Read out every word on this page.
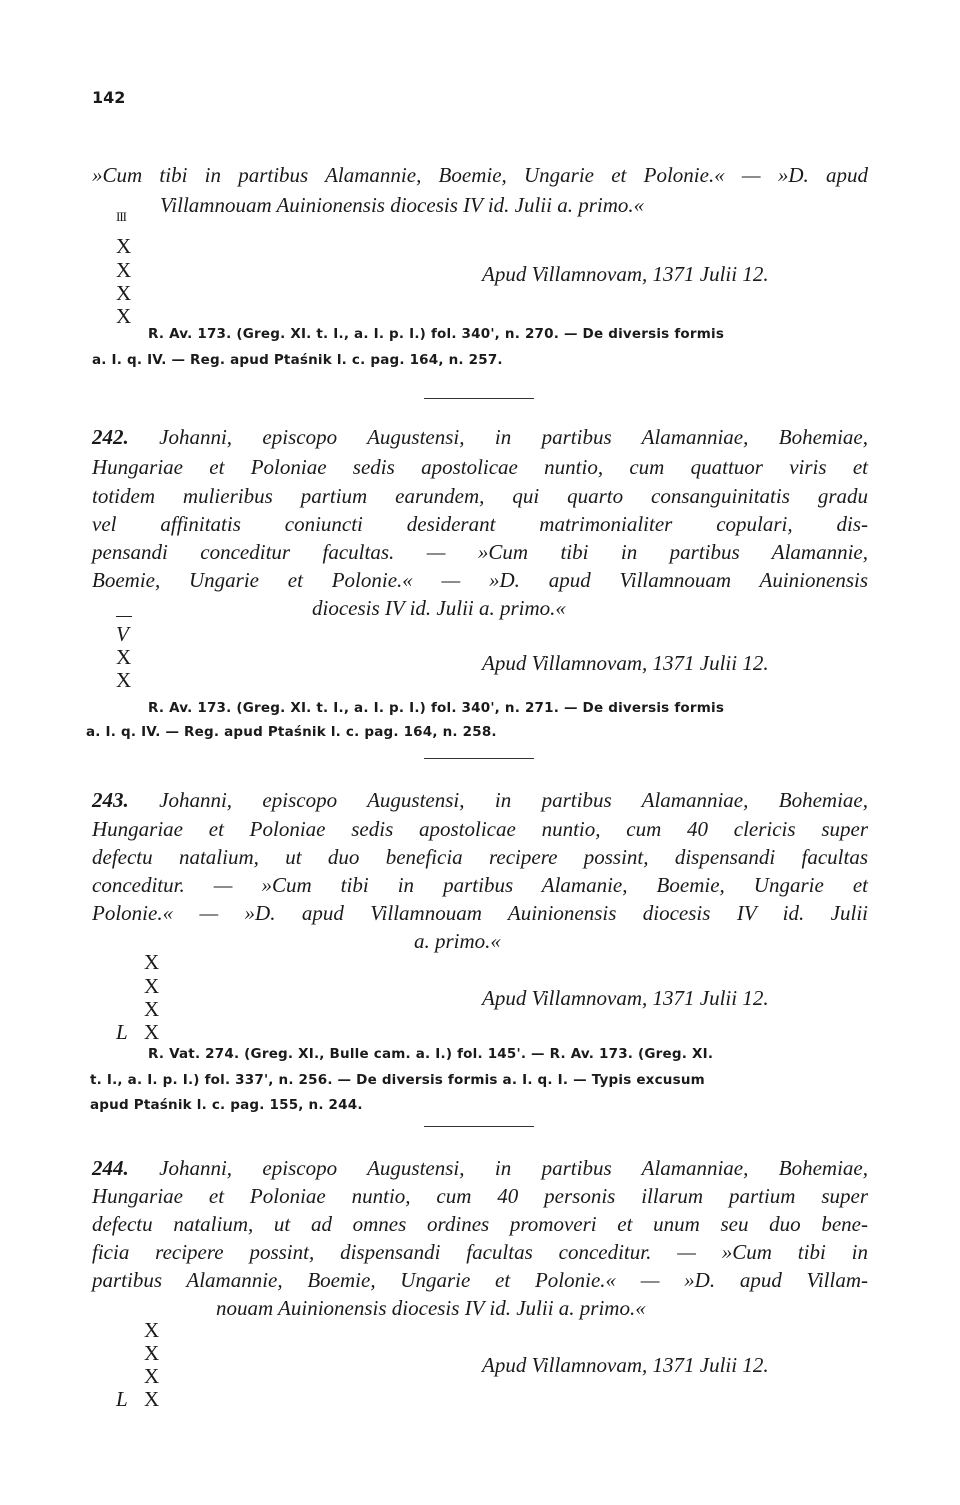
142
»Cum tibi in partibus Alamannie, Boemie, Ungarie et Polonie.« — »D. apud
Villamnouam Auinionensis diocesis IV id. Julii a. primo.«
III
X
X
X
X
Apud Villamnovam, 1371 Julii 12.
R. Av. 173. (Greg. XI. t. I., a. I. p. I.) fol. 340', n. 270. — De diversis formis
a. I. q. IV. — Reg. apud Ptaśnik l. c. pag. 164, n. 257.
242. Johanni, episcopo Augustensi, in partibus Alamanniae, Bohemiae,
Hungariae et Poloniae sedis apostolicae nuntio, cum quattuor viris et
totidem mulieribus partium earundem, qui quarto consanguinitatis gradu
vel affinitatis coniuncti desiderant matrimonialiter copulari, dis-
pensandi conceditur facultas. — »Cum tibi in partibus Alamannie,
Boemie, Ungarie et Polonie.« — »D. apud Villamnouam Auinionensis
diocesis IV id. Julii a. primo.«
V
X
X
Apud Villamnovam, 1371 Julii 12.
R. Av. 173. (Greg. XI. t. I., a. I. p. I.) fol. 340', n. 271. — De diversis formis
a. I. q. IV. — Reg. apud Ptaśnik l. c. pag. 164, n. 258.
243. Johanni, episcopo Augustensi, in partibus Alamanniae, Bohemiae,
Hungariae et Poloniae sedis apostolicae nuntio, cum 40 clericis super
defectu natalium, ut duo beneficia recipere possint, dispensandi facultas
conceditur. — »Cum tibi in partibus Alamanie, Boemie, Ungarie et
Polonie.« — »D. apud Villamnouam Auinionensis diocesis IV id. Julii
a. primo.«
X
X
X
L X
Apud Villamnovam, 1371 Julii 12.
R. Vat. 274. (Greg. XI., Bulle cam. a. I.) fol. 145'. — R. Av. 173. (Greg. XI.
t. I., a. I. p. I.) fol. 337', n. 256. — De diversis formis a. I. q. I. — Typis excusum
apud Ptaśnik l. c. pag. 155, n. 244.
244. Johanni, episcopo Augustensi, in partibus Alamanniae, Bohemiae,
Hungariae et Poloniae nuntio, cum 40 personis illarum partium super
defectu natalium, ut ad omnes ordines promoveri et unum seu duo bene-
ficia recipere possint, dispensandi facultas conceditur. — »Cum tibi in
partibus Alamannie, Boemie, Ungarie et Polonie.« — »D. apud Villam-
nouam Auinionensis diocesis IV id. Julii a. primo.«
X
X
X
L X
Apud Villamnovam, 1371 Julii 12.
